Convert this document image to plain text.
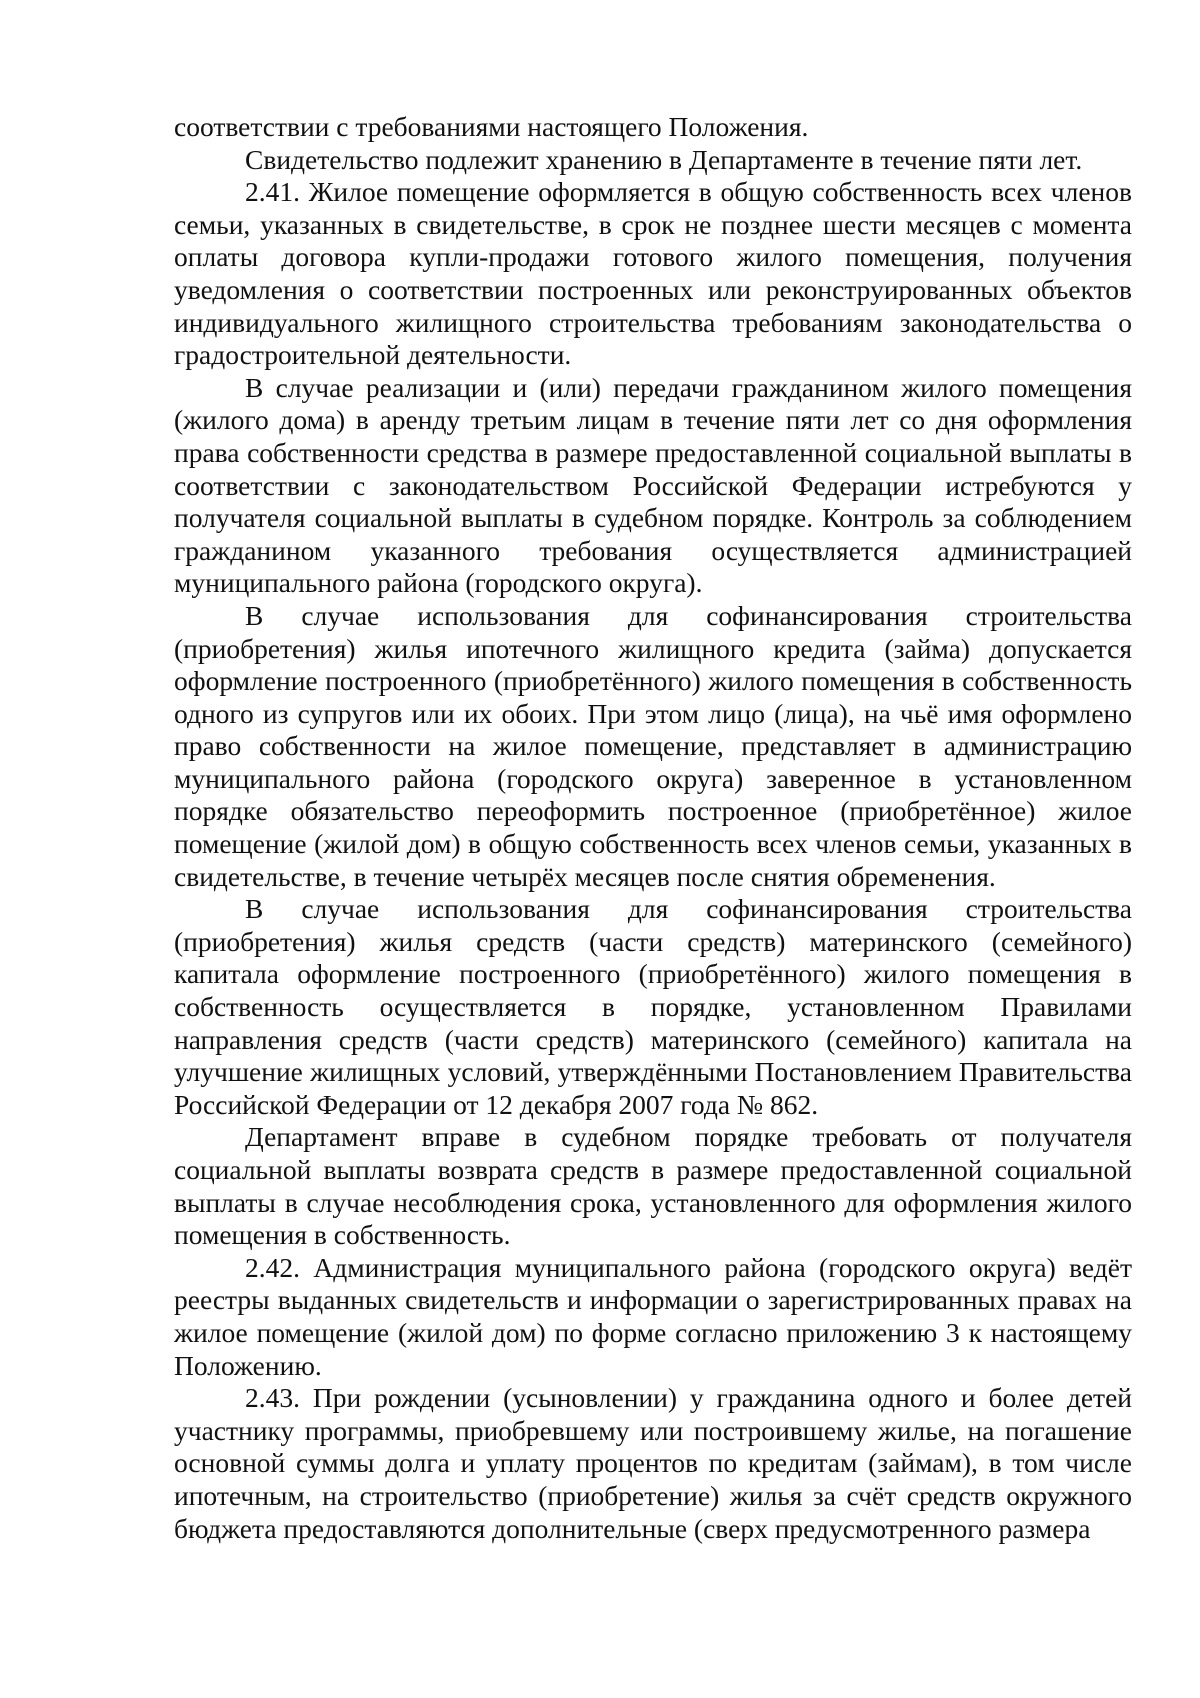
соответствии с требованиями настоящего Положения.

Свидетельство подлежит хранению в Департаменте в течение пяти лет.

2.41. Жилое помещение оформляется в общую собственность всех членов семьи, указанных в свидетельстве, в срок не позднее шести месяцев с момента оплаты договора купли-продажи готового жилого помещения, получения уведомления о соответствии построенных или реконструированных объектов индивидуального жилищного строительства требованиям законодательства о градостроительной деятельности.

В случае реализации и (или) передачи гражданином жилого помещения (жилого дома) в аренду третьим лицам в течение пяти лет со дня оформления права собственности средства в размере предоставленной социальной выплаты в соответствии с законодательством Российской Федерации истребуются у получателя социальной выплаты в судебном порядке. Контроль за соблюдением гражданином указанного требования осуществляется администрацией муниципального района (городского округа).

В случае использования для софинансирования строительства (приобретения) жилья ипотечного жилищного кредита (займа) допускается оформление построенного (приобретённого) жилого помещения в собственность одного из супругов или их обоих. При этом лицо (лица), на чьё имя оформлено право собственности на жилое помещение, представляет в администрацию муниципального района (городского округа) заверенное в установленном порядке обязательство переоформить построенное (приобретённое) жилое помещение (жилой дом) в общую собственность всех членов семьи, указанных в свидетельстве, в течение четырёх месяцев после снятия обременения.

В случае использования для софинансирования строительства (приобретения) жилья средств (части средств) материнского (семейного) капитала оформление построенного (приобретённого) жилого помещения в собственность осуществляется в порядке, установленном Правилами направления средств (части средств) материнского (семейного) капитала на улучшение жилищных условий, утверждёнными Постановлением Правительства Российской Федерации от 12 декабря 2007 года № 862.

Департамент вправе в судебном порядке требовать от получателя социальной выплаты возврата средств в размере предоставленной социальной выплаты в случае несоблюдения срока, установленного для оформления жилого помещения в собственность.

2.42. Администрация муниципального района (городского округа) ведёт реестры выданных свидетельств и информации о зарегистрированных правах на жилое помещение (жилой дом) по форме согласно приложению 3 к настоящему Положению.

2.43. При рождении (усыновлении) у гражданина одного и более детей участнику программы, приобревшему или построившему жилье, на погашение основной суммы долга и уплату процентов по кредитам (займам), в том числе ипотечным, на строительство (приобретение) жилья за счёт средств окружного бюджета предоставляются дополнительные (сверх предусмотренного размера
